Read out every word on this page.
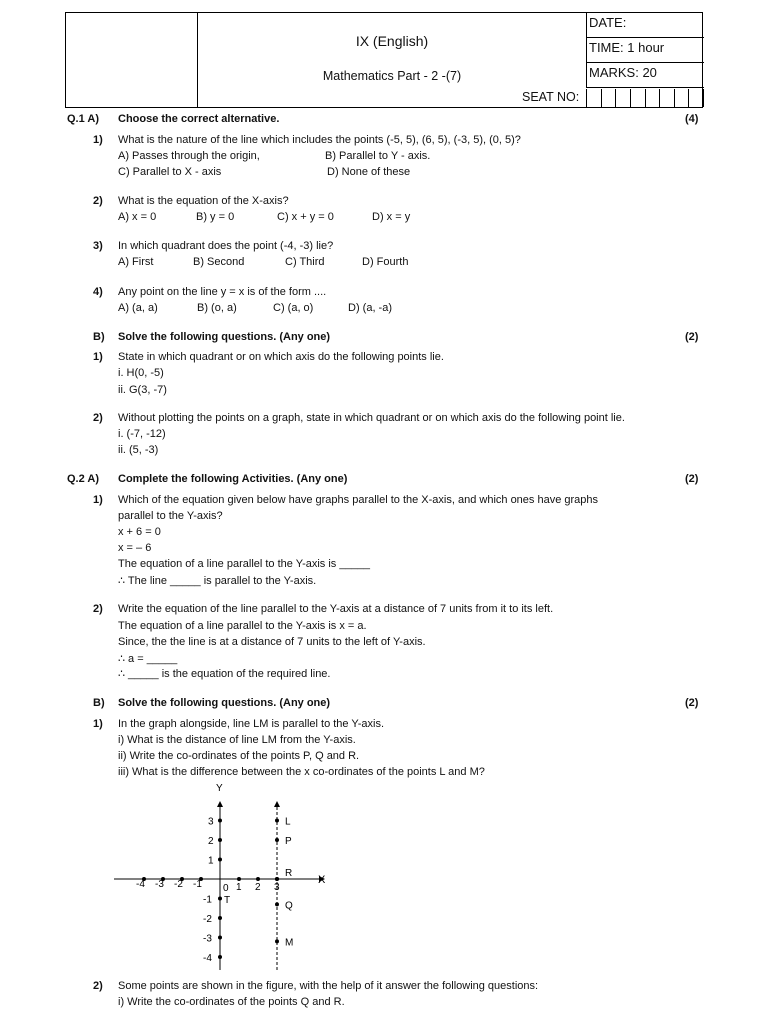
IX (English)
Mathematics Part - 2 -(7)
SEAT NO:
DATE:
TIME: 1 hour
MARKS: 20
Q.1 A) Choose the correct alternative.	(4)
1) What is the nature of the line which includes the points (-5, 5), (6, 5), (-3, 5), (0, 5)?
A) Passes through the origin,	B) Parallel to Y - axis.
C) Parallel to X - axis	D) None of these
2) What is the equation of the X-axis?
A) x = 0	B) y = 0	C) x + y = 0	D) x = y
3) In which quadrant does the point (-4, -3) lie?
A) First	B) Second	C) Third	D) Fourth
4) Any point on the line y = x is of the form ....
A) (a, a)	B) (o, a)	C) (a, o)	D) (a, -a)
B) Solve the following questions. (Any one)	(2)
1) State in which quadrant or on which axis do the following points lie.
i. H(0, -5)
ii. G(3, -7)
2) Without plotting the points on a graph, state in which quadrant or on which axis do the following point lie.
i. (-7, -12)
ii. (5, -3)
Q.2 A) Complete the following Activities. (Any one)	(2)
1) Which of the equation given below have graphs parallel to the X-axis, and which ones have graphs
parallel to the Y-axis?
x + 6 = 0
x = – 6
The equation of a line parallel to the Y-axis is _____
∴ The line _____ is parallel to the Y-axis.
2) Write the equation of the line parallel to the Y-axis at a distance of 7 units from it to its left.
The equation of a line parallel to the Y-axis is x = a.
Since, the the line is at a distance of 7 units to the left of Y-axis.
∴ a = _____
∴ _____ is the equation of the required line.
B) Solve the following questions. (Any one)	(2)
1) In the graph alongside, line LM is parallel to the Y-axis.
i) What is the distance of line LM from the Y-axis.
ii) Write the co-ordinates of the points P, Q and R.
iii) What is the difference between the x co-ordinates of the points L and M?
-4 -3 -2 -1	1 2 3
3
2
1
-1
-2
-3
-4
L
P
R
Q
M
X
Y
0
T
2) Some points are shown in the figure, with the help of it answer the following questions:
i) Write the co-ordinates of the points Q and R.
